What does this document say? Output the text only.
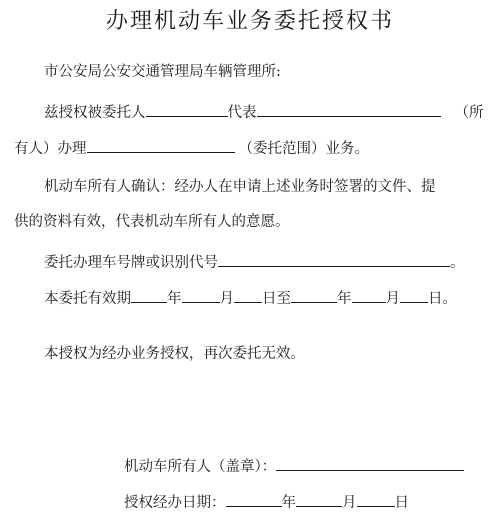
办理机动车业务委托授权书
市公安局公安交通管理局车辆管理所:
兹授权被委托人	代表	（所
有人）办理	（委托范围）业务。
机动车所有人确认：经办人在申请上述业务时签署的文件、提
供的资料有效，代表机动车所有人的意愿。
委托办理车号牌或识别代号	。
本委托有效期 年	月 日至	年 月 日。
本授权为经办业务授权，再次委托无效。
机动车所有人（盖章）：
授权经办日期：	年	月	日
